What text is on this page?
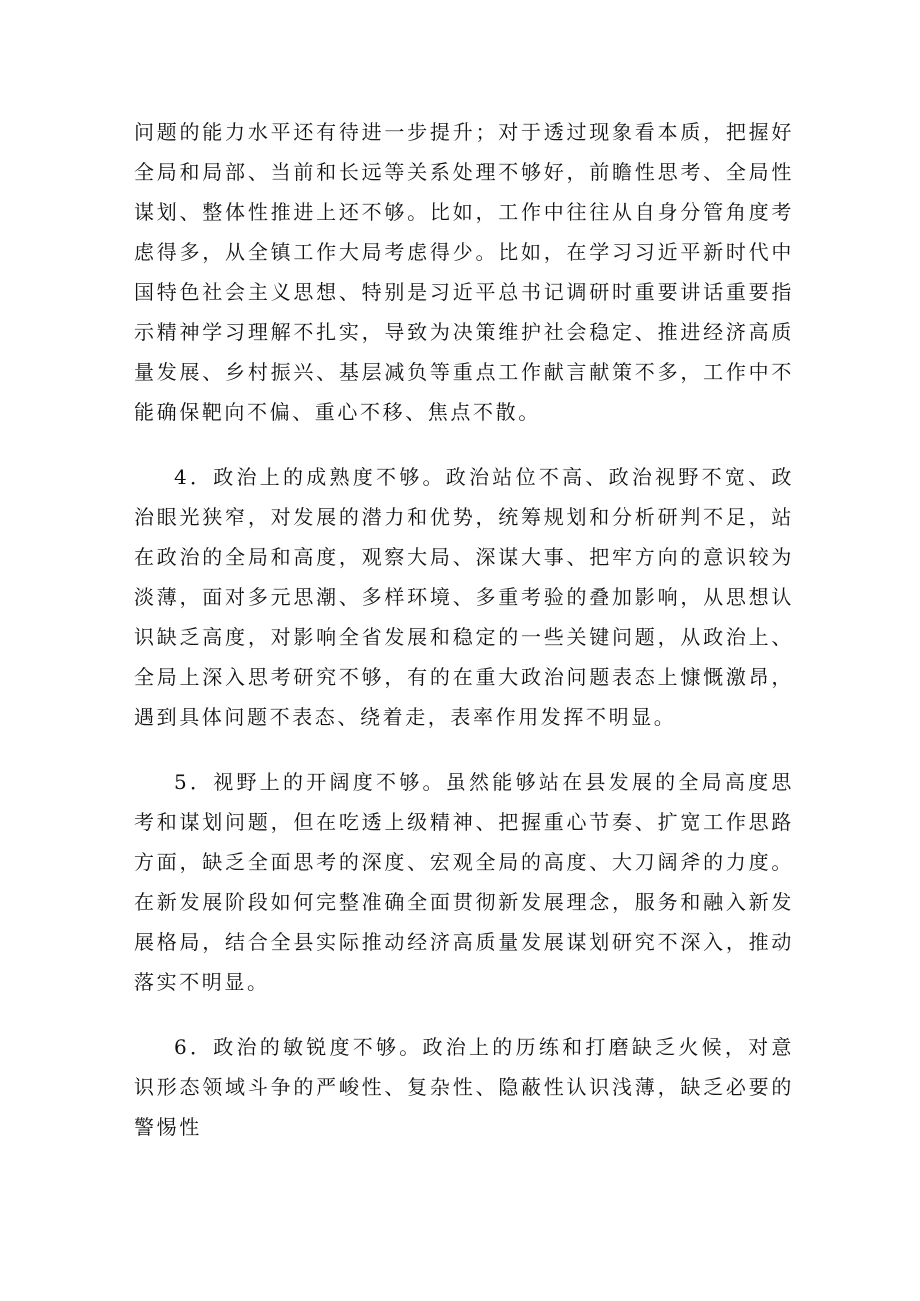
问题的能力水平还有待进一步提升；对于透过现象看本质，把握好全局和局部、当前和长远等关系处理不够好，前瞻性思考、全局性谋划、整体性推进上还不够。比如，工作中往往从自身分管角度考虑得多，从全镇工作大局考虑得少。比如，在学习习近平新时代中国特色社会主义思想、特别是习近平总书记调研时重要讲话重要指示精神学习理解不扎实，导致为决策维护社会稳定、推进经济高质量发展、乡村振兴、基层减负等重点工作献言献策不多，工作中不能确保靶向不偏、重心不移、焦点不散。

4．政治上的成熟度不够。政治站位不高、政治视野不宽、政治眼光狭窄，对发展的潜力和优势，统筹规划和分析研判不足，站在政治的全局和高度，观察大局、深谋大事、把牢方向的意识较为淡薄，面对多元思潮、多样环境、多重考验的叠加影响，从思想认识缺乏高度，对影响全省发展和稳定的一些关键问题，从政治上、全局上深入思考研究不够，有的在重大政治问题表态上慷慨激昂，遇到具体问题不表态、绕着走，表率作用发挥不明显。

5．视野上的开阔度不够。虽然能够站在县发展的全局高度思考和谋划问题，但在吃透上级精神、把握重心节奏、扩宽工作思路方面，缺乏全面思考的深度、宏观全局的高度、大刀阔斧的力度。在新发展阶段如何完整准确全面贯彻新发展理念，服务和融入新发展格局，结合全县实际推动经济高质量发展谋划研究不深入，推动落实不明显。

6．政治的敏锐度不够。政治上的历练和打磨缺乏火候，对意识形态领域斗争的严峻性、复杂性、隐蔽性认识浅薄，缺乏必要的警惕性
